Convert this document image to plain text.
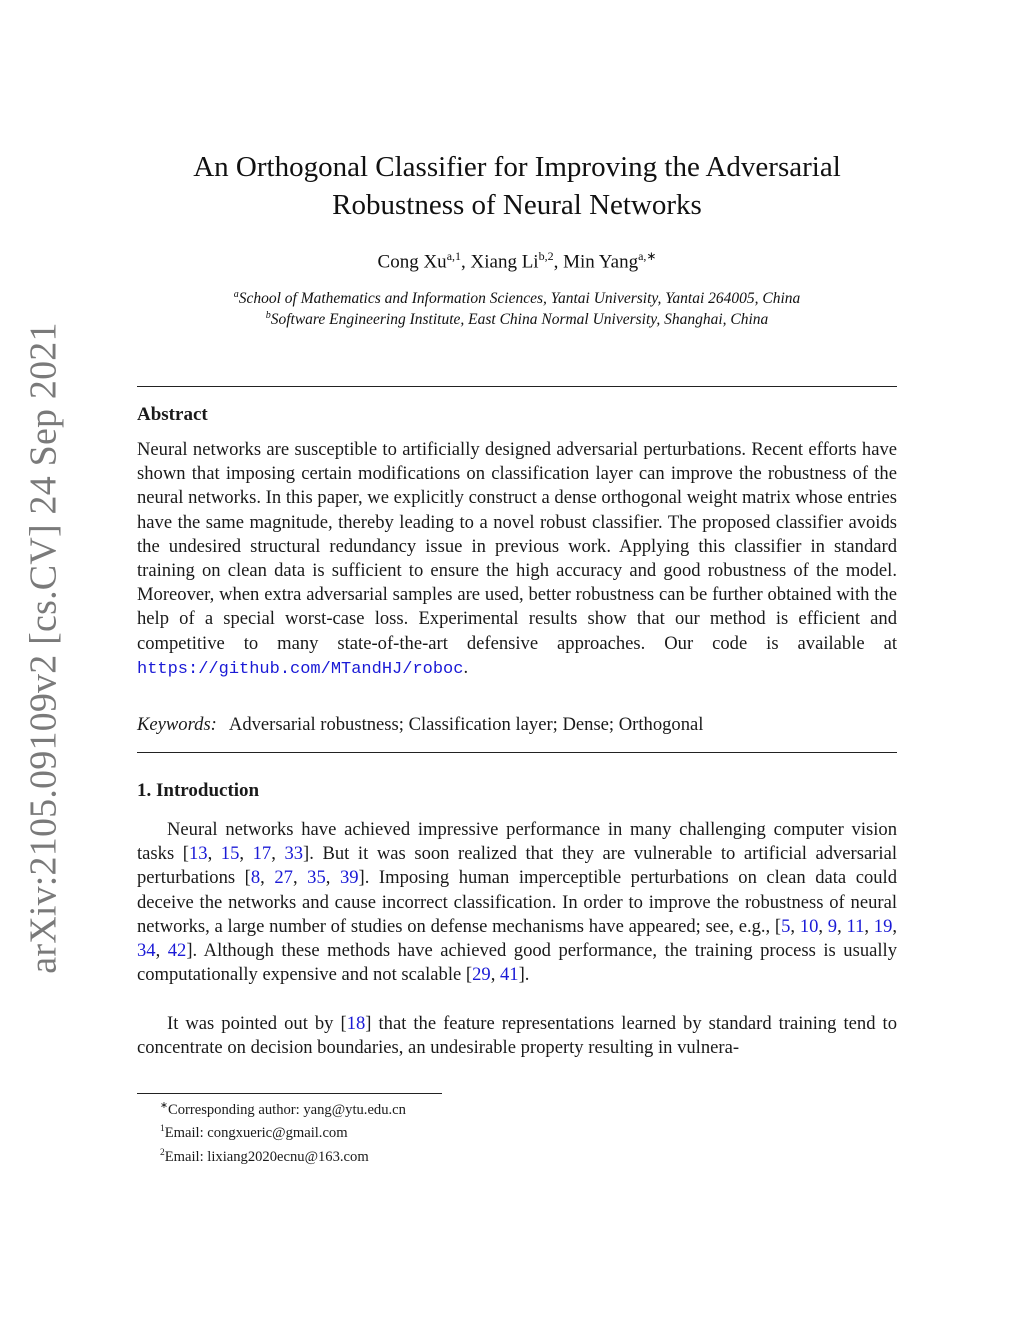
arXiv:2105.09109v2 [cs.CV] 24 Sep 2021
An Orthogonal Classifier for Improving the Adversarial
Robustness of Neural Networks
Cong Xu$^{a,1}$, Xiang Li$^{b,2}$, Min Yang$^{a,∗}$
$^a$School of Mathematics and Information Sciences, Yantai University, Yantai 264005, China
$^b$Software Engineering Institute, East China Normal University, Shanghai, China
Abstract
Neural networks are susceptible to artificially designed adversarial perturbations. Recent efforts have shown that imposing certain modifications on classification layer can improve the robustness of the neural networks. In this paper, we explicitly construct a dense orthogonal weight matrix whose entries have the same magnitude, thereby leading to a novel robust classifier. The proposed classifier avoids the undesired structural redundancy issue in previous work. Applying this classifier in standard training on clean data is sufficient to ensure the high accuracy and good robustness of the model. Moreover, when extra adversarial samples are used, better robustness can be further obtained with the help of a special worst-case loss. Experimental results show that our method is efficient and competitive to many state-of-the-art defensive approaches. Our code is available at https://github.com/MTandHJ/roboc.
Keywords: Adversarial robustness; Classification layer; Dense; Orthogonal
1. Introduction
Neural networks have achieved impressive performance in many challenging computer vision tasks [13, 15, 17, 33]. But it was soon realized that they are vulnerable to artificial adversarial perturbations [8, 27, 35, 39]. Imposing human imperceptible perturbations on clean data could deceive the networks and cause incorrect classification. In order to improve the robustness of neural networks, a large number of studies on defense mechanisms have appeared; see, e.g., [5, 10, 9, 11, 19, 34, 42]. Although these methods have achieved good performance, the training process is usually computationally expensive and not scalable [29, 41].
It was pointed out by [18] that the feature representations learned by standard training tend to concentrate on decision boundaries, an undesirable property resulting in vulnera-
∗Corresponding author: yang@ytu.edu.cn
$^1$Email: congxueric@gmail.com
$^2$Email: lixiang2020ecnu@163.com
